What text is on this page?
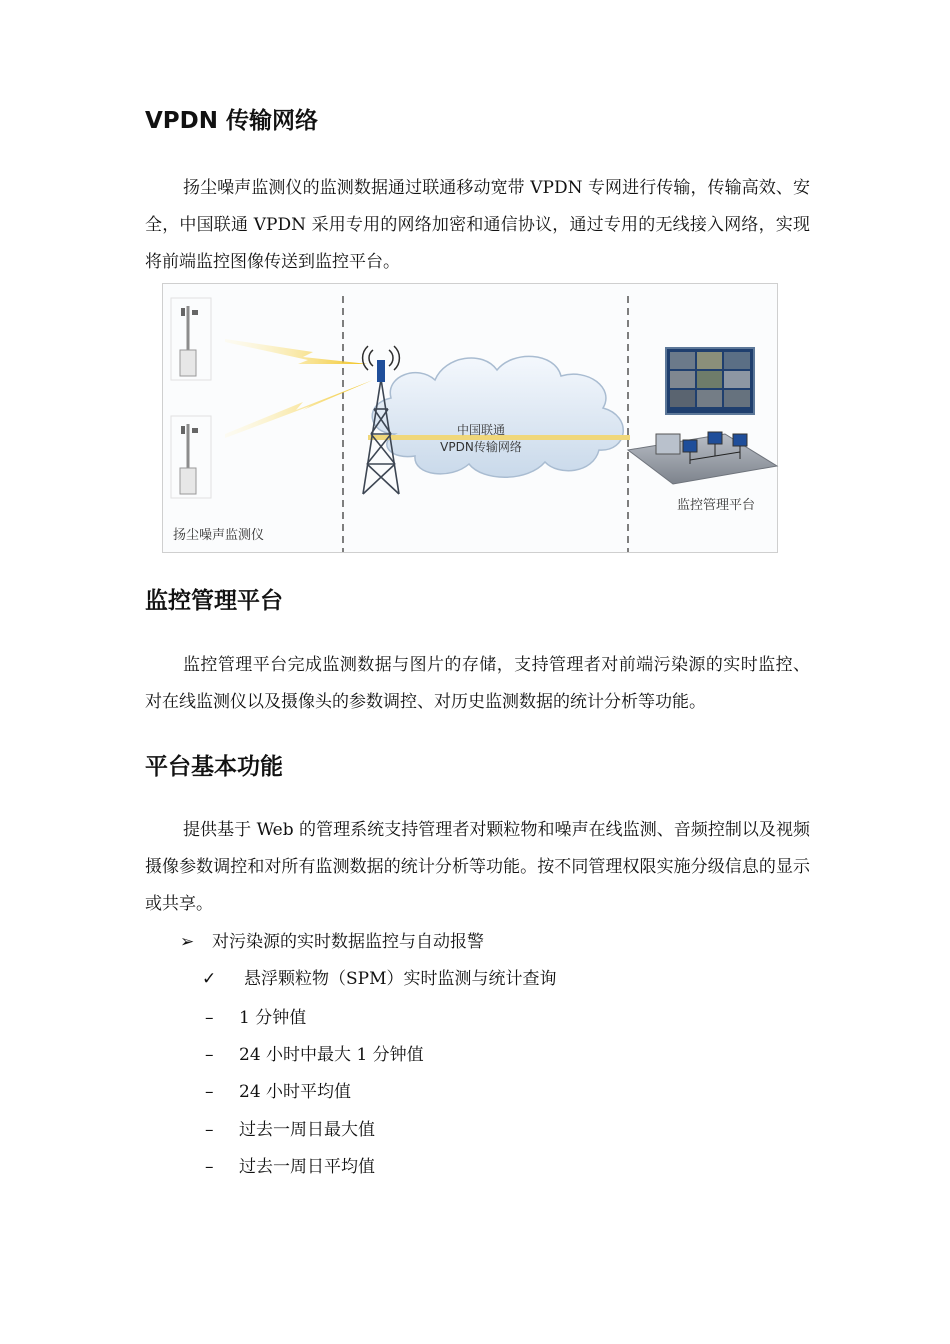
VPDN 传输网络

扬尘噪声监测仪的监测数据通过联通移动宽带 VPDN 专网进行传输，传输高效、安全，中国联通 VPDN 采用专用的网络加密和通信协议，通过专用的无线接入网络，实现将前端监控图像传送到监控平台。

中国联通
VPDN传输网络
扬尘噪声监测仪
监控管理平台
监控管理平台

监控管理平台完成监测数据与图片的存储，支持管理者对前端污染源的实时监控、对在线监测仪以及摄像头的参数调控、对历史监测数据的统计分析等功能。

平台基本功能

提供基于 Web 的管理系统支持管理者对颗粒物和噪声在线监测、音频控制以及视频摄像参数调控和对所有监测数据的统计分析等功能。按不同管理权限实施分级信息的显示或共享。

➢ 对污染源的实时数据监控与自动报警
✓ 悬浮颗粒物（SPM）实时监测与统计查询
– 1 分钟值
– 24 小时中最大 1 分钟值
– 24 小时平均值
– 过去一周日最大值
– 过去一周日平均值
